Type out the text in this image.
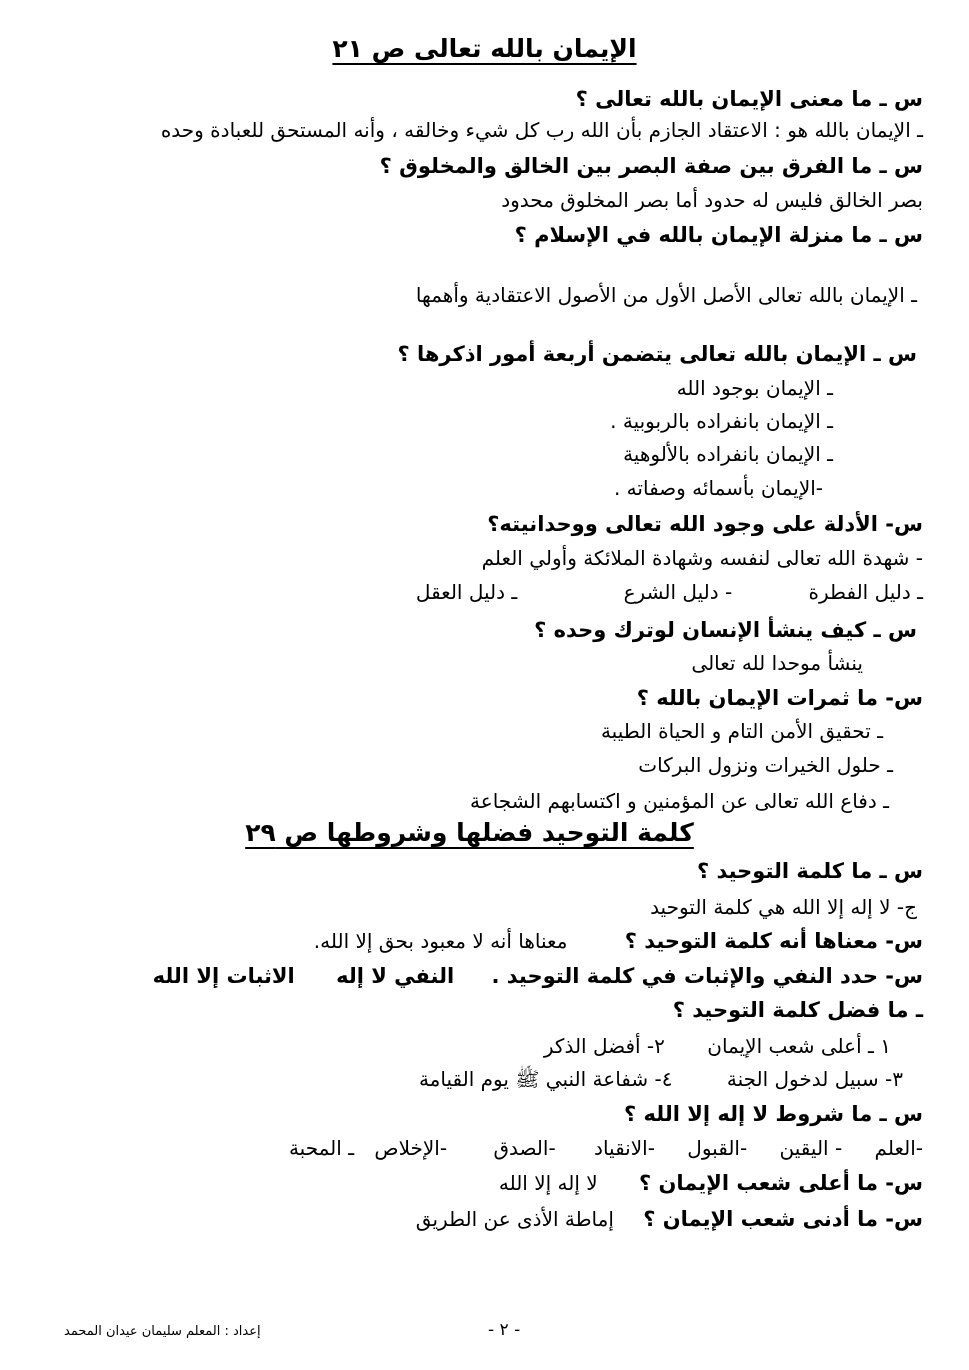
الإيمان بالله تعالى ص ٢١
س ـ ما معنى الإيمان بالله تعالى ؟
ـ الإيمان بالله هو : الاعتقاد الجازم بأن الله رب كل شيء وخالقه ، وأنه المستحق للعبادة وحده
س ـ ما الفرق بين صفة البصر بين الخالق والمخلوق ؟
بصر الخالق فليس له حدود أما بصر المخلوق محدود
س ـ ما منزلة الإيمان بالله في الإسلام ؟
ـ الإيمان بالله تعالى الأصل الأول من الأصول الاعتقادية وأهمها
س ـ الإيمان بالله تعالى يتضمن أربعة أمور اذكرها ؟
ـ الإيمان بوجود الله
ـ الإيمان بانفراده بالربوبية .
ـ الإيمان بانفراده بالألوهية
-الإيمان بأسمائه وصفاته .
س- الأدلة على وجود الله تعالى ووحدانيته؟
- شهدة الله تعالى لنفسه وشهادة الملائكة وأولي العلم
ـ دليل الفطرة - دليل الشرع ـ دليل العقل
س ـ كيف ينشأ الإنسان لوترك وحده ؟
ينشأ موحدا لله تعالى
س- ما ثمرات الإيمان بالله ؟
ـ تحقيق الأمن التام و الحياة الطيبة
ـ حلول الخيرات ونزول البركات
ـ دفاع الله تعالى عن المؤمنين و اكتسابهم الشجاعة
كلمة التوحيد فضلها وشروطها ص ٢٩
س ـ ما كلمة التوحيد ؟
ج- لا إله إلا الله هي كلمة التوحيد
س- معناها أنه كلمة التوحيد ؟ معناها أنه لا معبود بحق إلا الله.
س- حدد النفي والإثبات في كلمة التوحيد . النفي لا إله الاثبات إلا الله
ـ ما فضل كلمة التوحيد ؟
١ ـ أعلى شعب الإيمان ٢- أفضل الذكر
٣- سبيل لدخول الجنة ٤- شفاعة النبي ﷺ يوم القيامة
س ـ ما شروط لا إله إلا الله ؟
-العلم - اليقين -القبول -الانقياد -الصدق -الإخلاص ـ المحبة
س- ما أعلى شعب الإيمان ؟ لا إله إلا الله
س- ما أدنى شعب الإيمان ؟ إماطة الأذى عن الطريق
إعداد : المعلم سليمان عيدان المحمد	- ٢ -
